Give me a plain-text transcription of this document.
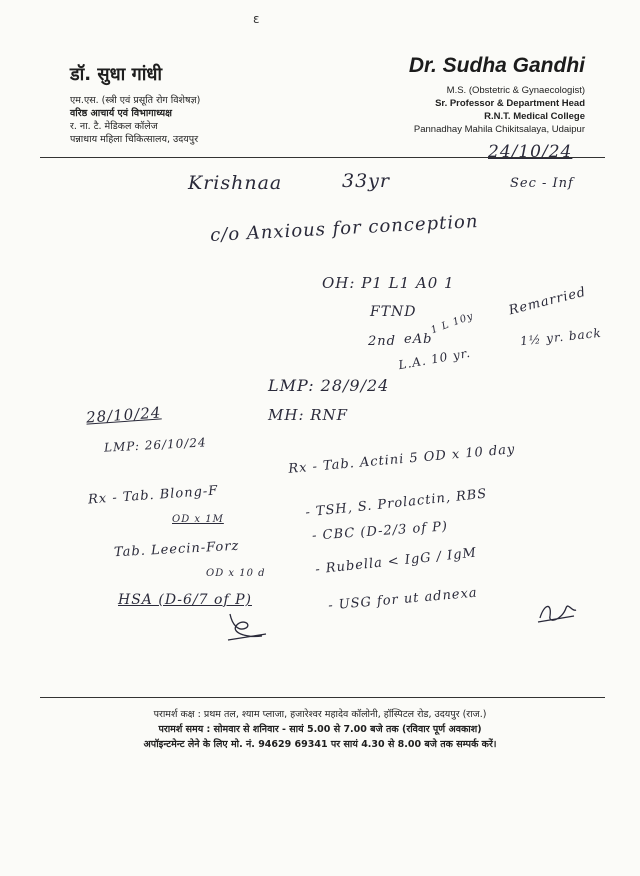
ɛ
डॉ. सुधा गांधी
एम.एस. (स्त्री एवं प्रसूति रोग विशेषज्ञ)
वरिष्ठ आचार्य एवं विभागाध्यक्ष
र. ना. टै. मेडिकल कॉलेज
पन्नाधाय महिला चिकित्सालय, उदयपुर
Dr. Sudha Gandhi
M.S. (Obstetric & Gynaecologist)
Sr. Professor & Department Head
R.N.T. Medical College
Pannadhay Mahila Chikitsalaya, Udaipur
24/10/24
Krishnaa	33yr	Sec - Inf
c/o Anxious for conception
OH: P1 L1 A0 1
FTND 1 L 10y
Remarried
2nd eAb	1½ yr. back
L.A. 10 yr.
LMP: 28/9/24
MH: RNF
28/10/24
LMP: 26/10/24	Rx - Tab. Actini 5 OD x 10 day
- TSH, S. Prolactin, RBS
- CBC (D-2/3 of P)
- Rubella < IgG / IgM
- USG for ut adnexa
Rx - Tab. Blong-F
OD x 1M
Tab. Leecin-Forz
OD x 10 d
HSA (D-6/7 of P)
परामर्श कक्ष : प्रथम तल, श्याम प्लाजा, हजारेश्वर महादेव कॉलोनी, हॉस्पिटल रोड, उदयपुर (राज.)
परामर्श समय : सोमवार से शनिवार - सायं 5.00 से 7.00 बजे तक (रविवार पूर्ण अवकाश)
अपॉइन्टमेन्ट लेने के लिए मो. नं. 94629 69341 पर सायं 4.30 से 8.00 बजे तक सम्पर्क करें।
